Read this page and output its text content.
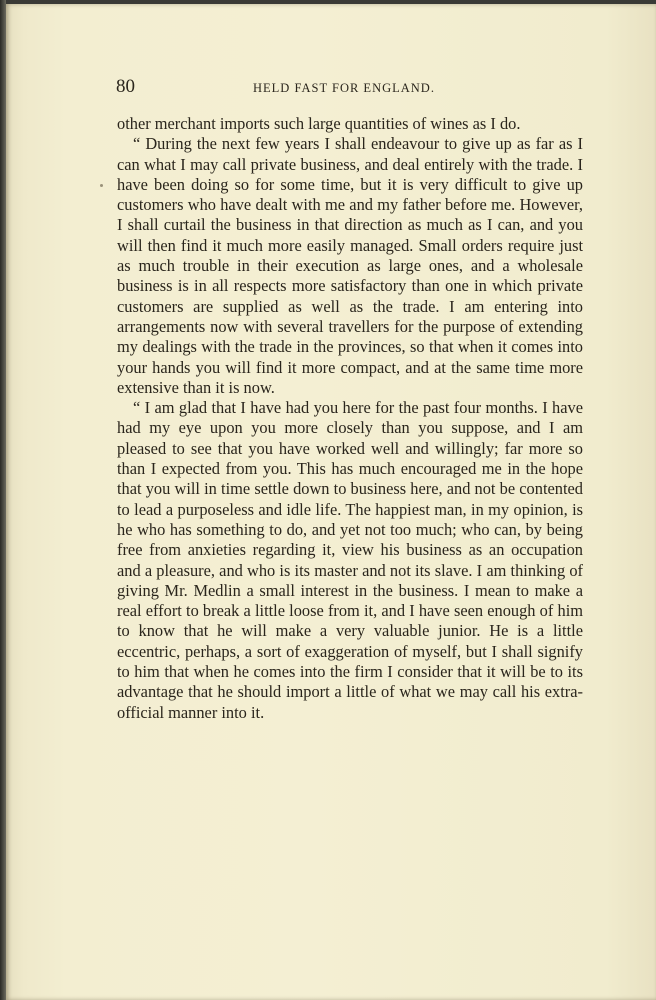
80	HELD FAST FOR ENGLAND.

other merchant imports such large quantities of wines as I do.

“ During the next few years I shall endeavour to give up as far as I can what I may call private business, and deal entirely with the trade. I have been doing so for some time, but it is very difficult to give up customers who have dealt with me and my father before me. However, I shall curtail the business in that direction as much as I can, and you will then find it much more easily managed. Small orders require just as much trouble in their execution as large ones, and a wholesale business is in all respects more satisfactory than one in which private customers are supplied as well as the trade. I am entering into arrangements now with several travellers for the purpose of extending my dealings with the trade in the provinces, so that when it comes into your hands you will find it more compact, and at the same time more extensive than it is now.

“ I am glad that I have had you here for the past four months. I have had my eye upon you more closely than you suppose, and I am pleased to see that you have worked well and willingly; far more so than I expected from you. This has much encouraged me in the hope that you will in time settle down to business here, and not be contented to lead a purposeless and idle life. The happiest man, in my opinion, is he who has something to do, and yet not too much; who can, by being free from anxieties regarding it, view his business as an occupation and a pleasure, and who is its master and not its slave. I am thinking of giving Mr. Medlin a small interest in the business. I mean to make a real effort to break a little loose from it, and I have seen enough of him to know that he will make a very valuable junior. He is a little eccentric, perhaps, a sort of exaggeration of myself, but I shall signify to him that when he comes into the firm I consider that it will be to its advantage that he should import a little of what we may call his extra-official manner into it.
